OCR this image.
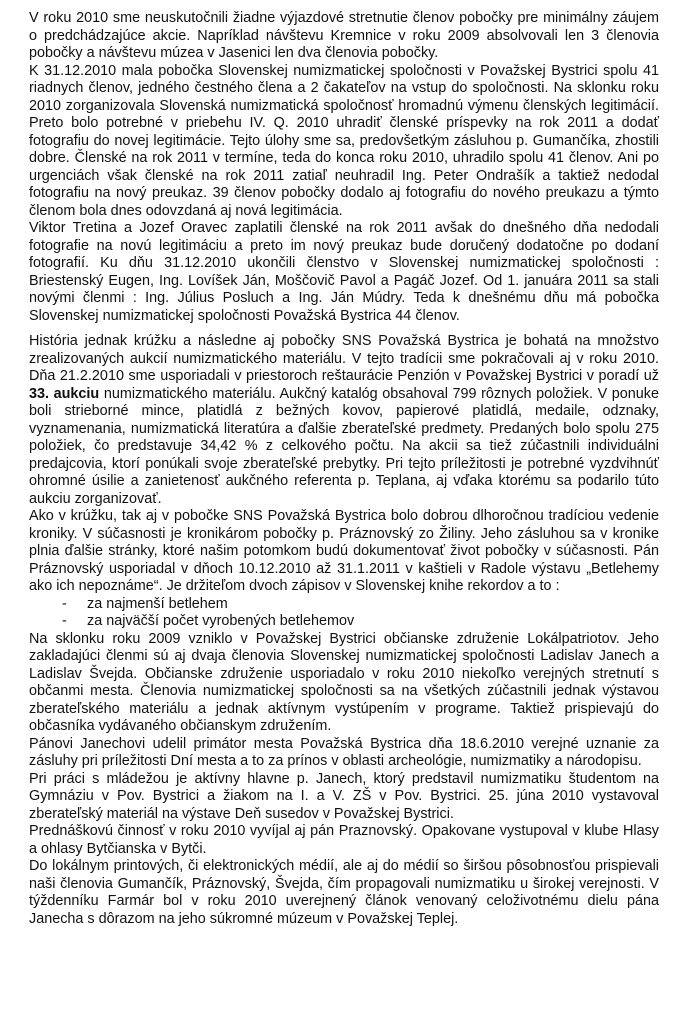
V roku 2010 sme neuskutočnili žiadne výjazdové stretnutie členov pobočky pre minimálny záujem o predchádzajúce akcie. Napríklad návštevu Kremnice v roku 2009 absolvovali len 3 členovia pobočky a návštevu múzea v Jasenici len dva členovia pobočky.

K 31.12.2010 mala pobočka Slovenskej numizmatickej spoločnosti v Považskej Bystrici spolu 41 riadnych členov, jedného čestného člena a 2 čakateľov na vstup do spoločnosti. Na sklonku roku 2010 zorganizovala Slovenská numizmatická spoločnosť hromadnú výmenu členských legitimácií. Preto bolo potrebné v priebehu IV. Q. 2010 uhradiť členské príspevky na rok 2011 a dodať fotografiu do novej legitimácie. Tejto úlohy sme sa, predovšetkým zásluhou p. Gumančíka, zhostili dobre. Členské na rok 2011 v termíne, teda do konca roku 2010, uhradilo spolu 41 členov. Ani po urgenciách však členské na rok 2011 zatiaľ neuhradil Ing. Peter Ondrašík a taktiež nedodal fotografiu na nový preukaz. 39 členov pobočky dodalo aj fotografiu do nového preukazu a týmto členom bola dnes odovzdaná aj nová legitimácia.

Viktor Tretina a Jozef Oravec zaplatili členské na rok 2011 avšak do dnešného dňa nedodali fotografie na novú legitimáciu a preto im nový preukaz bude doručený dodatočne po dodaní fotografií. Ku dňu 31.12.2010 ukončili členstvo v Slovenskej numizmatickej spoločnosti : Briestenský Eugen, Ing. Lovíšek Ján, Moščovič Pavol a Pagáč Jozef. Od 1. januára 2011 sa stali novými členmi : Ing. Július Posluch a Ing. Ján Múdry. Teda k dnešnému dňu má pobočka Slovenskej numizmatickej spoločnosti Považská Bystrica 44 členov.

História jednak krúžku a následne aj pobočky SNS Považská Bystrica je bohatá na množstvo zrealizovaných aukcií numizmatického materiálu. V tejto tradícii sme pokračovali aj v roku 2010. Dňa 21.2.2010 sme usporiadali v priestoroch reštaurácie Penzión v Považskej Bystrici v poradí už 33. aukciu numizmatického materiálu. Aukčný katalóg obsahoval 799 rôznych položiek. V ponuke boli strieborné mince, platidlá z bežných kovov, papierové platidlá, medaile, odznaky, vyznamenania, numizmatická literatúra a ďalšie zberateľské predmety. Predaných bolo spolu 275 položiek, čo predstavuje 34,42 % z celkového počtu. Na akcii sa tiež zúčastnili individuálni predajcovia, ktorí ponúkali svoje zberateľské prebytky. Pri tejto príležitosti je potrebné vyzdvihnúť ohromné úsilie a zanietenosť aukčného referenta p. Teplana, aj vďaka ktorému sa podarilo túto aukciu zorganizovať.

Ako v krúžku, tak aj v pobočke SNS Považská Bystrica bolo dobrou dlhoročnou tradíciou vedenie kroniky. V súčasnosti je kronikárom pobočky p. Práznovský zo Žiliny. Jeho zásluhou sa v kronike plnia ďalšie stránky, ktoré našim potomkom budú dokumentovať život pobočky v súčasnosti. Pán Práznovský usporiadal v dňoch 10.12.2010 až 31.1.2011 v kaštieli v Radole výstavu „Betlehemy ako ich nepoznáme“. Je držiteľom dvoch zápisov v Slovenskej knihe rekordov a to :

- za najmenší betlehem
- za najväčší počet vyrobených betlehemov

Na sklonku roku 2009 vzniklo v Považskej Bystrici občianske združenie Lokálpatriotov. Jeho zakladajúci členmi sú aj dvaja členovia Slovenskej numizmatickej spoločnosti Ladislav Janech a Ladislav Švejda. Občianske združenie usporiadalo v roku 2010 niekoľko verejných stretnutí s občanmi mesta. Členovia numizmatickej spoločnosti sa na všetkých zúčastnili jednak výstavou zberateľského materiálu a jednak aktívnym vystúpením v programe. Taktiež prispievajú do občasníka vydávaného občianskym združením.

Pánovi Janechovi udelil primátor mesta Považská Bystrica dňa 18.6.2010 verejné uznanie za zásluhy pri príležitosti Dní mesta a to za prínos v oblasti archeológie, numizmatiky a národopisu.

Pri práci s mládežou je aktívny hlavne p. Janech, ktorý predstavil numizmatiku študentom na Gymnáziu v Pov. Bystrici a žiakom na I. a V. ZŠ v Pov. Bystrici. 25. júna 2010 vystavoval zberateľský materiál na výstave Deň susedov v Považskej Bystrici.

Prednáškovú činnosť v roku 2010 vyvíjal aj pán Praznovský. Opakovane vystupoval v klube Hlasy a ohlasy Bytčianska v Bytči.

Do lokálnym printových, či elektronických médií, ale aj do médií so širšou pôsobnosťou prispievali naši členovia Gumančík, Práznovský, Švejda, čím propagovali numizmatiku u širokej verejnosti. V týždenníku Farmár bol v roku 2010 uverejnený článok venovaný celoživotnému dielu pána Janecha s dôrazom na jeho súkromné múzeum v Považskej Teplej.
